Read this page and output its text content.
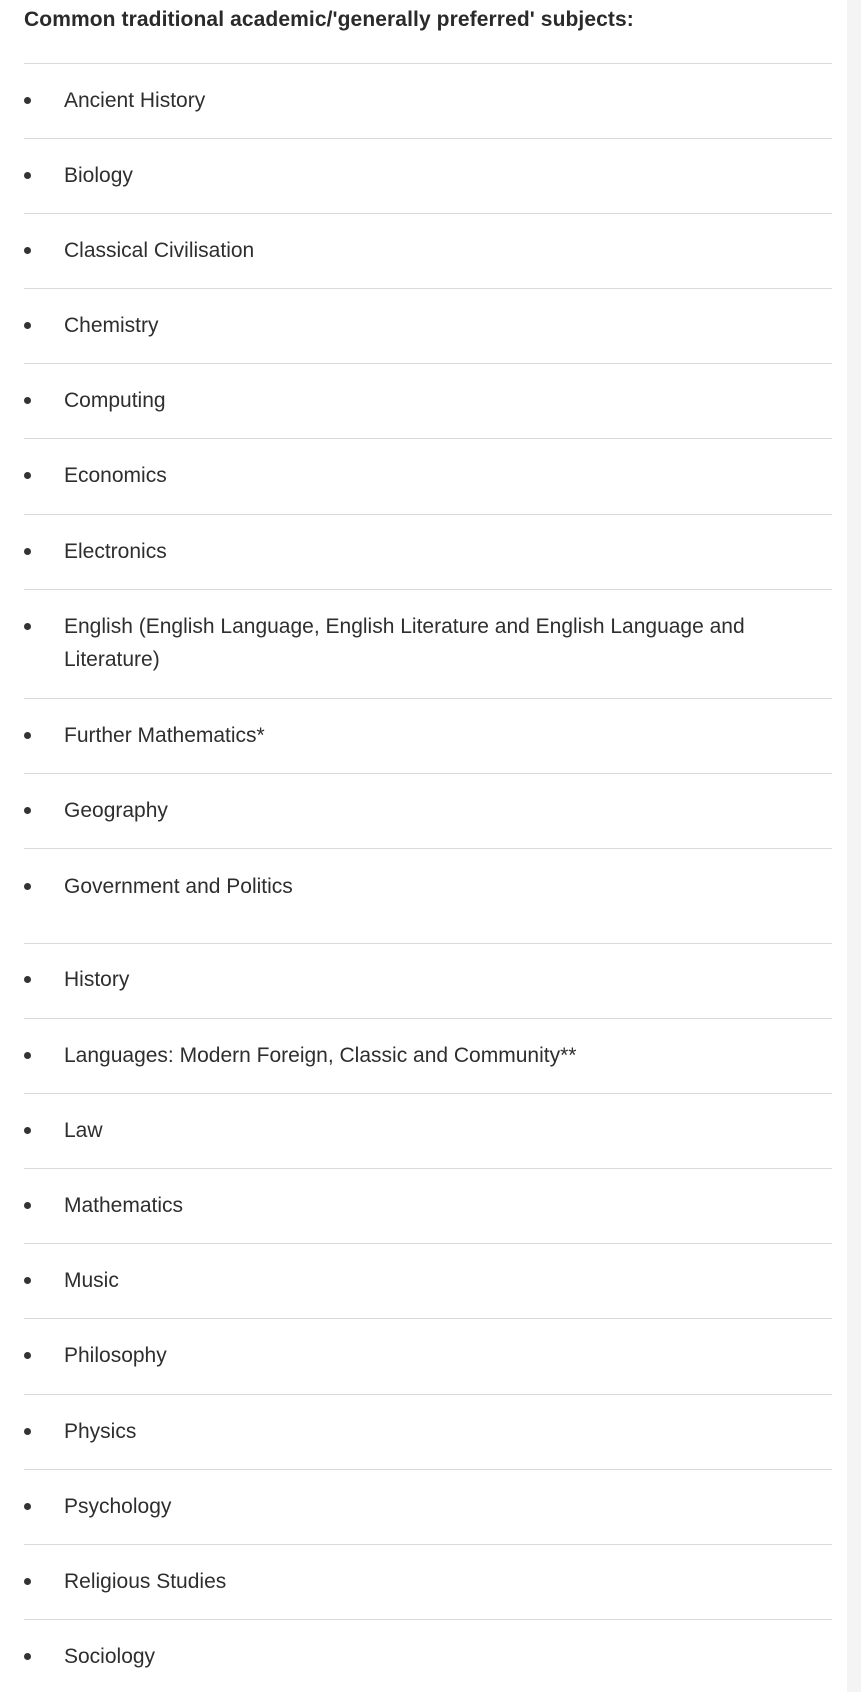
Common traditional academic/'generally preferred' subjects:
Ancient History
Biology
Classical Civilisation
Chemistry
Computing
Economics
Electronics
English (English Language, English Literature and English Language and Literature)
Further Mathematics*
Geography
Government and Politics
History
Languages: Modern Foreign, Classic and Community**
Law
Mathematics
Music
Philosophy
Physics
Psychology
Religious Studies
Sociology
